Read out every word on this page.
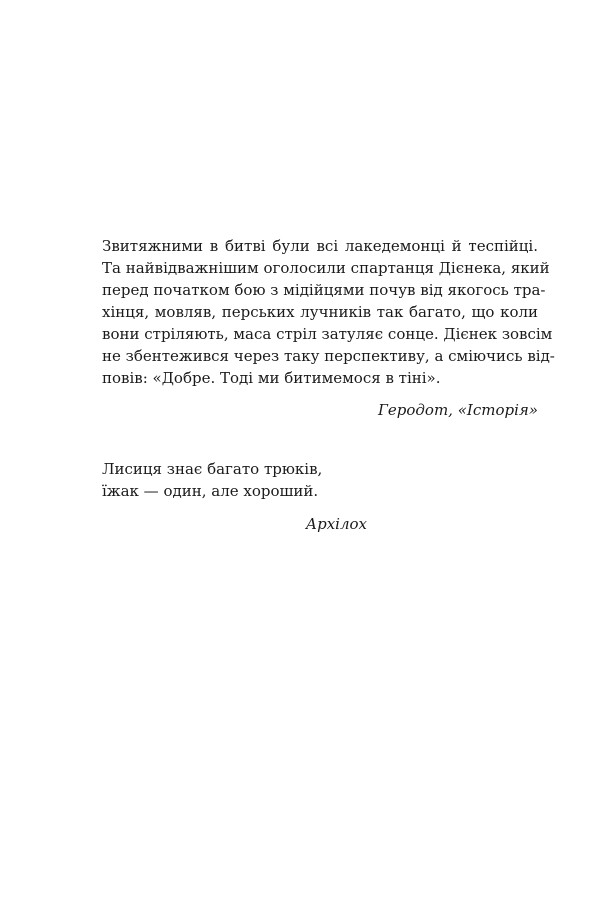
Звитяжними в битві були всі лакедемонці й теспійці.
Та найвідважнішим оголосили спартанця Дієнека, який
перед початком бою з мідійцями почув від якогось тра-
хінця, мовляв, перських лучників так багато, що коли
вони стріляють, маса стріл затуляє сонце. Дієнек зовсім
не збентежився через таку перспективу, а сміючись від-
повів: «Добре. Тоді ми битимемося в тіні».

Геродот, «Історія»

Лисиця знає багато трюків,
їжак — один, але хороший.

Архілох
